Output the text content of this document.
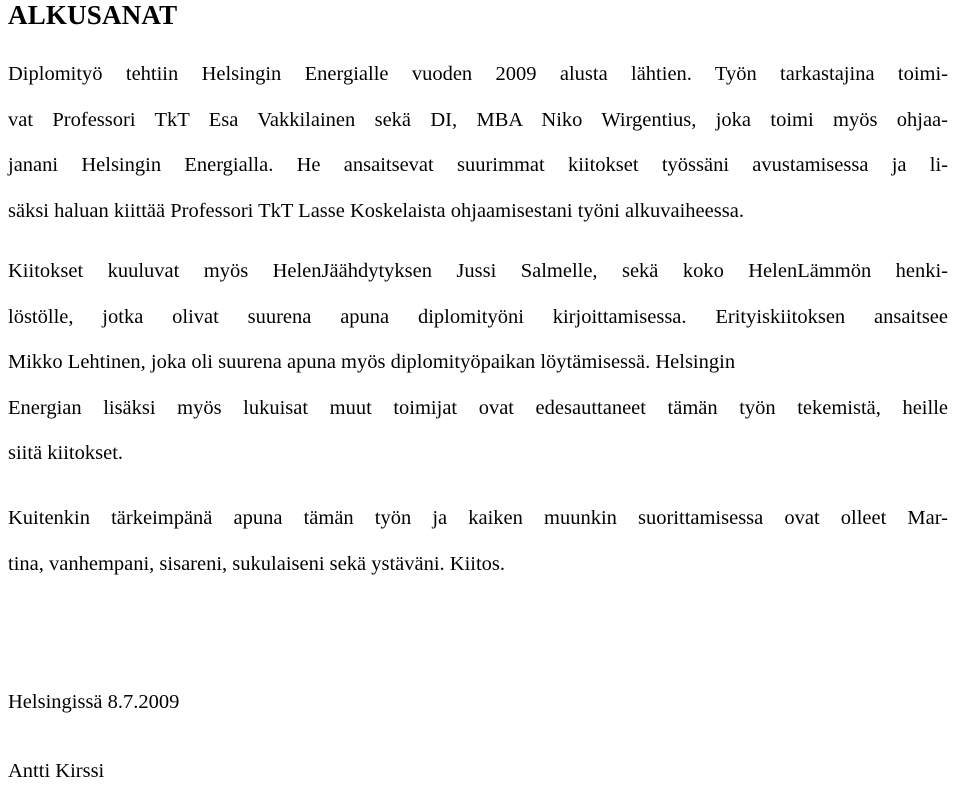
ALKUSANAT
Diplomityö tehtiin Helsingin Energialle vuoden 2009 alusta lähtien. Työn tarkastajina toimi-
vat Professori TkT Esa Vakkilainen sekä DI, MBA Niko Wirgentius, joka toimi myös ohjaa-
janani Helsingin Energialla. He ansaitsevat suurimmat kiitokset työssäni avustamisessa ja li-
säksi haluan kiittää Professori TkT Lasse Koskelaista ohjaamisestani työni alkuvaiheessa.
Kiitokset kuuluvat myös HelenJäähdytyksen Jussi Salmelle, sekä koko HelenLämmön henki-
löstölle, jotka olivat suurena apuna diplomityöni kirjoittamisessa. Erityiskiitoksen ansaitsee
Mikko Lehtinen, joka oli suurena apuna myös diplomityöpaikan löytämisessä. Helsingin
Energian lisäksi myös lukuisat muut toimijat ovat edesauttaneet tämän työn tekemistä, heille
siitä kiitokset.
Kuitenkin tärkeimpänä apuna tämän työn ja kaiken muunkin suorittamisessa ovat olleet Mar-
tina, vanhempani, sisareni, sukulaiseni sekä ystäväni. Kiitos.

Helsingissä 8.7.2009

Antti Kirssi
